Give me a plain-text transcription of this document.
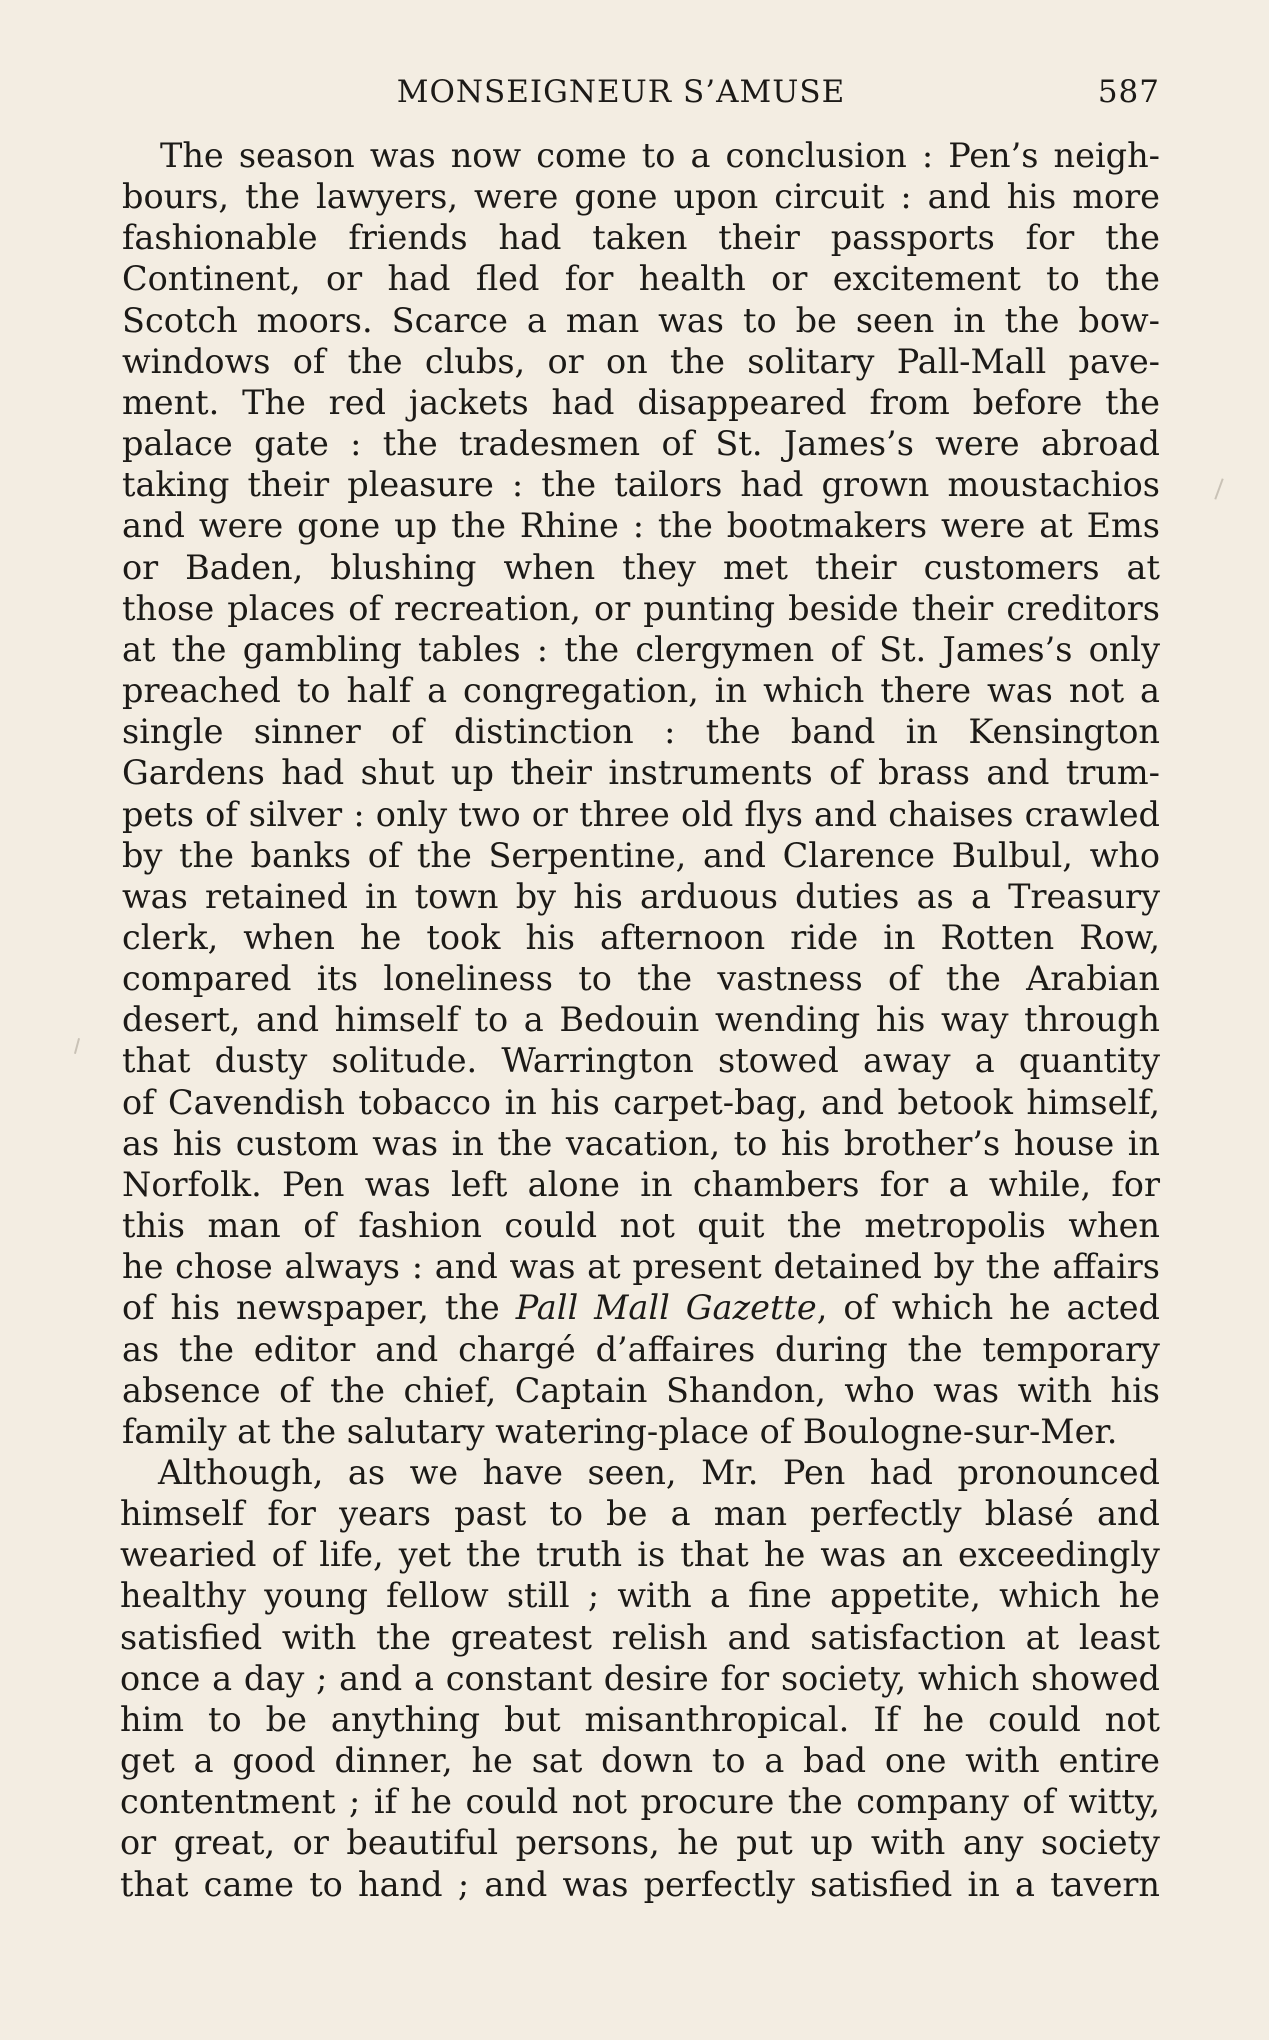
MONSEIGNEUR S’AMUSE	587
The season was now come to a conclusion : Pen’s neigh-
bours, the lawyers, were gone upon circuit : and his more
fashionable friends had taken their passports for the
Continent, or had fled for health or excitement to the
Scotch moors. Scarce a man was to be seen in the bow-
windows of the clubs, or on the solitary Pall-Mall pave-
ment. The red jackets had disappeared from before the
palace gate : the tradesmen of St. James’s were abroad
taking their pleasure : the tailors had grown moustachios
and were gone up the Rhine : the bootmakers were at Ems
or Baden, blushing when they met their customers at
those places of recreation, or punting beside their creditors
at the gambling tables : the clergymen of St. James’s only
preached to half a congregation, in which there was not a
single sinner of distinction : the band in Kensington
Gardens had shut up their instruments of brass and trum-
pets of silver : only two or three old flys and chaises crawled
by the banks of the Serpentine, and Clarence Bulbul, who
was retained in town by his arduous duties as a Treasury
clerk, when he took his afternoon ride in Rotten Row,
compared its loneliness to the vastness of the Arabian
desert, and himself to a Bedouin wending his way through
that dusty solitude. Warrington stowed away a quantity
of Cavendish tobacco in his carpet-bag, and betook himself,
as his custom was in the vacation, to his brother’s house in
Norfolk. Pen was left alone in chambers for a while, for
this man of fashion could not quit the metropolis when
he chose always : and was at present detained by the affairs
of his newspaper, the Pall Mall Gazette, of which he acted
as the editor and chargé d’affaires during the temporary
absence of the chief, Captain Shandon, who was with his
family at the salutary watering-place of Boulogne-sur-Mer.
Although, as we have seen, Mr. Pen had pronounced
himself for years past to be a man perfectly blasé and
wearied of life, yet the truth is that he was an exceedingly
healthy young fellow still ; with a fine appetite, which he
satisfied with the greatest relish and satisfaction at least
once a day ; and a constant desire for society, which showed
him to be anything but misanthropical. If he could not
get a good dinner, he sat down to a bad one with entire
contentment ; if he could not procure the company of witty,
or great, or beautiful persons, he put up with any society
that came to hand ; and was perfectly satisfied in a tavern
